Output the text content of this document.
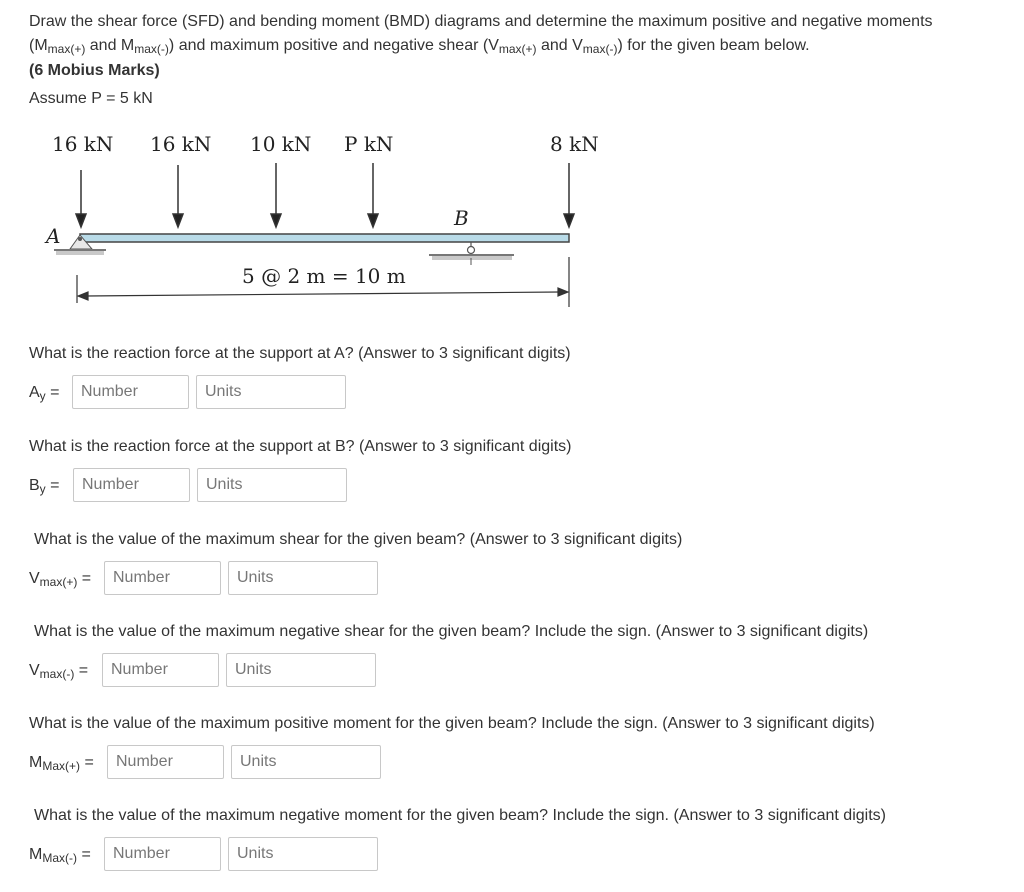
Draw the shear force (SFD) and bending moment (BMD) diagrams and determine the maximum positive and negative moments

($M_{max(+)}$ and $M_{max(-)}$) and maximum positive and negative shear ($V_{max(+)}$ and $V_{max(-)}$) for the given beam below.

(6 Mobius Marks)
Assume P = 5 kN
16 kN 16 kN 10 kN P kN	8 kN
A
B
5 @ 2 m = 10 m
What is the reaction force at the support at A? (Answer to 3 significant digits)
$A_y$ =
Number
Units
What is the reaction force at the support at B? (Answer to 3 significant digits)
$B_y$ =
Number
Units
What is the value of the maximum shear for the given beam? (Answer to 3 significant digits)
$V_{max(+)}$ =
Number
Units
What is the value of the maximum negative shear for the given beam? Include the sign. (Answer to 3 significant digits)
$V_{max(-)}$ =
Number
Units
What is the value of the maximum positive moment for the given beam? Include the sign. (Answer to 3 significant digits)
$M_{Max(+)}$ =
Number
Units
What is the value of the maximum negative moment for the given beam? Include the sign. (Answer to 3 significant digits)
$M_{Max(-)}$ =
Number
Units
